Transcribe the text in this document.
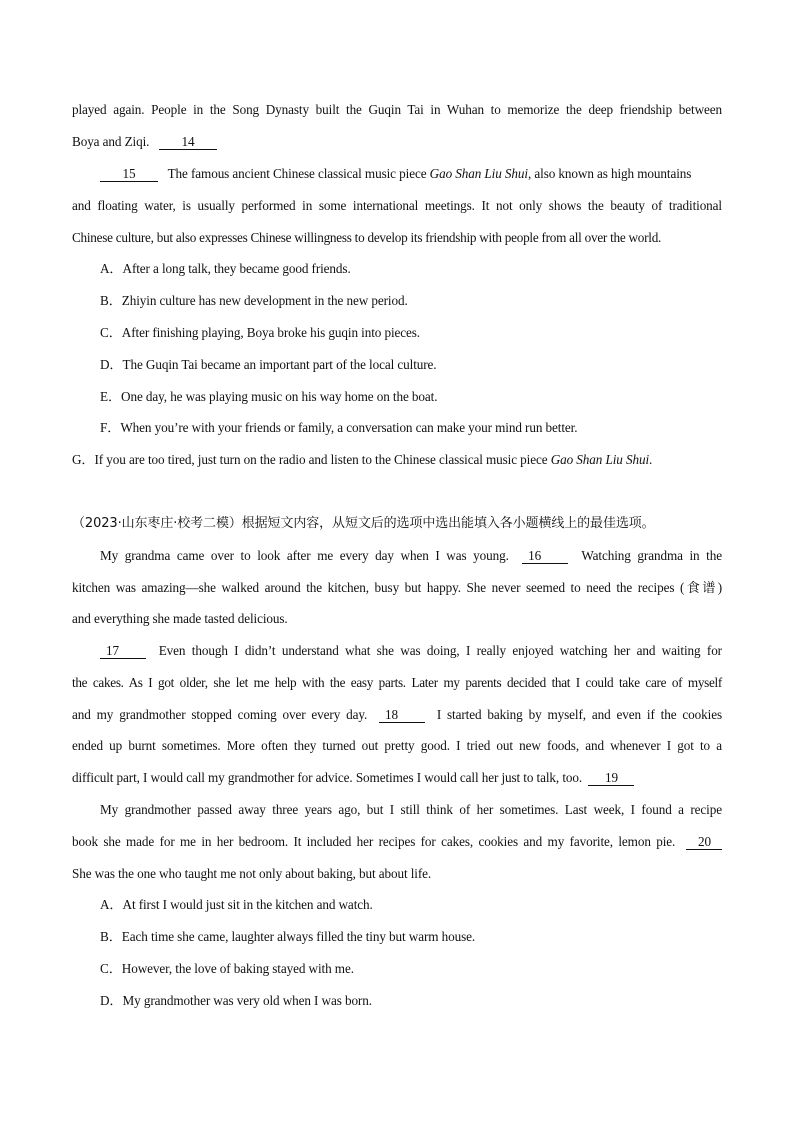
played again. People in the Song Dynasty built the Guqin Tai in Wuhan to memorize the deep friendship between
Boya and Ziqi. 14
15 The famous ancient Chinese classical music piece Gao Shan Liu Shui, also known as high mountains
and floating water, is usually performed in some international meetings. It not only shows the beauty of traditional
Chinese culture, but also expresses Chinese willingness to develop its friendship with people from all over the world.
A．After a long talk, they became good friends.
B．Zhiyin culture has new development in the new period.
C．After finishing playing, Boya broke his guqin into pieces.
D．The Guqin Tai became an important part of the local culture.
E．One day, he was playing music on his way home on the boat.
F．When you’re with your friends or family, a conversation can make your mind run better.
G．If you are too tired, just turn on the radio and listen to the Chinese classical music piece Gao Shan Liu Shui.
（2023·山东枣庄·校考二模）根据短文内容，从短文后的选项中选出能填入各小题横线上的最佳选项。
My grandma came over to look after me every day when I was young. 16	Watching grandma in the
kitchen was amazing—she walked around the kitchen, busy but happy. She never seemed to need the recipes (食谱)
and everything she made tasted delicious.
17	Even though I didn’t understand what she was doing, I really enjoyed watching her and waiting for
the cakes. As I got older, she let me help with the easy parts. Later my parents decided that I could take care of myself
and my grandmother stopped coming over every day. 18	I started baking by myself, and even if the cookies
ended up burnt sometimes. More often they turned out pretty good. I tried out new foods, and whenever I got to a
difficult part, I would call my grandmother for advice. Sometimes I would call her just to talk, too. 19
My grandmother passed away three years ago, but I still think of her sometimes. Last week, I found a recipe
book she made for me in her bedroom. It included her recipes for cakes, cookies and my favorite, lemon pie. 20
She was the one who taught me not only about baking, but about life.
A．At first I would just sit in the kitchen and watch.
B．Each time she came, laughter always filled the tiny but warm house.
C．However, the love of baking stayed with me.
D．My grandmother was very old when I was born.
